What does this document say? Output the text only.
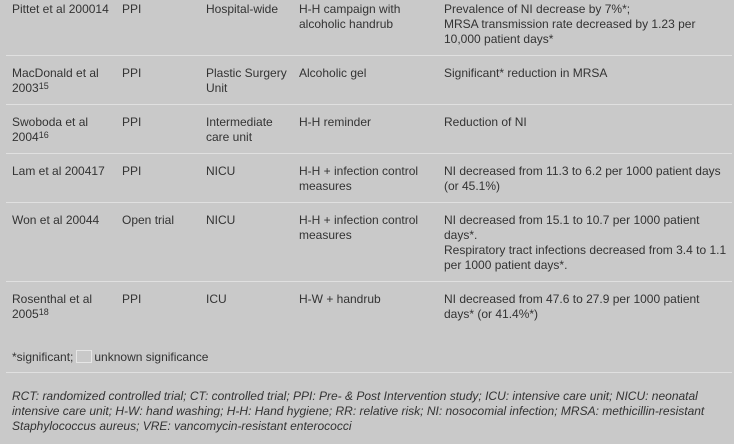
Pittet et al 200014	PPI	Hospital-wide	H-H campaign with alcoholic handrub	Prevalence of NI decrease by 7%*;
MRSA transmission rate decreased by 1.23 per 10,000 patient days*

MacDonald et al 2003$^{15}$	PPI	Plastic Surgery Unit	Alcoholic gel	Significant* reduction in MRSA

Swoboda et al 2004$^{16}$	PPI	Intermediate care unit	H-H reminder	Reduction of NI

Lam et al 200417	PPI	NICU	H-H + infection control measures	NI decreased from 11.3 to 6.2 per 1000 patient days (or 45.1%)

Won et al 20044	Open trial	NICU	H-H + infection control measures	NI decreased from 15.1 to 10.7 per 1000 patient days*.
Respiratory tract infections decreased from 3.4 to 1.1 per 1000 patient days*.

Rosenthal et al 2005$^{18}$	PPI	ICU	H-W + handrub	NI decreased from 47.6 to 27.9 per 1000 patient days* (or 41.4%*)
*significant; unknown significance
RCT: randomized controlled trial; CT: controlled trial; PPI: Pre- & Post Intervention study; ICU: intensive care unit; NICU: neonatal intensive care unit; H-W: hand washing; H-H: Hand hygiene; RR: relative risk; NI: nosocomial infection; MRSA: methicillin-resistant Staphylococcus aureus; VRE: vancomycin-resistant enterococci
